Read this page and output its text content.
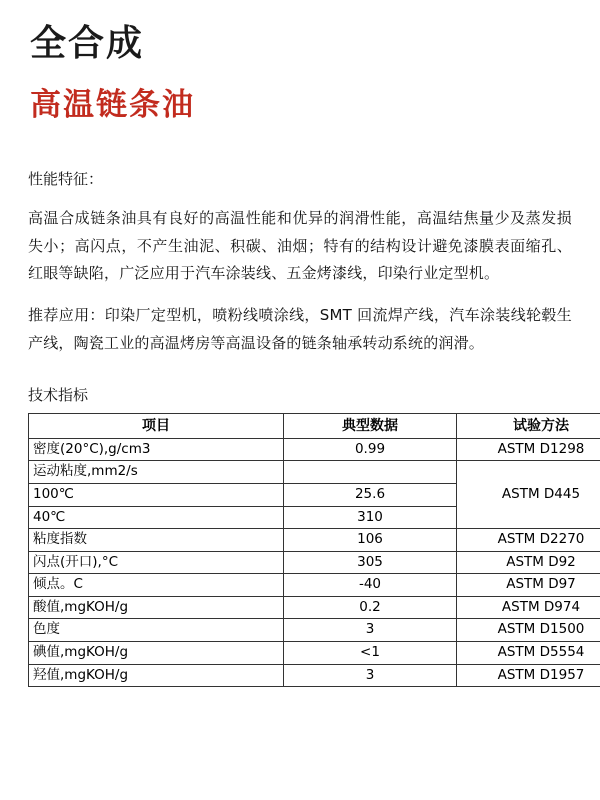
全合成
高温链条油
性能特征：
高温合成链条油具有良好的高温性能和优异的润滑性能，高温结焦量少及蒸发损失小；高闪点，不产生油泥、积碳、油烟；特有的结构设计避免漆膜表面缩孔、红眼等缺陷，广泛应用于汽车涂装线、五金烤漆线，印染行业定型机。
推荐应用：印染厂定型机，喷粉线喷涂线，SMT 回流焊产线，汽车涂装线轮毂生产线，陶瓷工业的高温烤房等高温设备的链条轴承转动系统的润滑。
技术指标
项目	典型数据	试验方法
密度(20°C),g/cm3	0.99	ASTM D1298
运动粘度,mm2/s		ASTM D445
100℃	25.6	
40℃	310	
粘度指数	106	ASTM D2270
闪点(开口),°C	305	ASTM D92
倾点。C	-40	ASTM D97
酸值,mgKOH/g	0.2	ASTM D974
色度	3	ASTM D1500
碘值,mgKOH/g	<1	ASTM D5554
羟值,mgKOH/g	3	ASTM D1957
